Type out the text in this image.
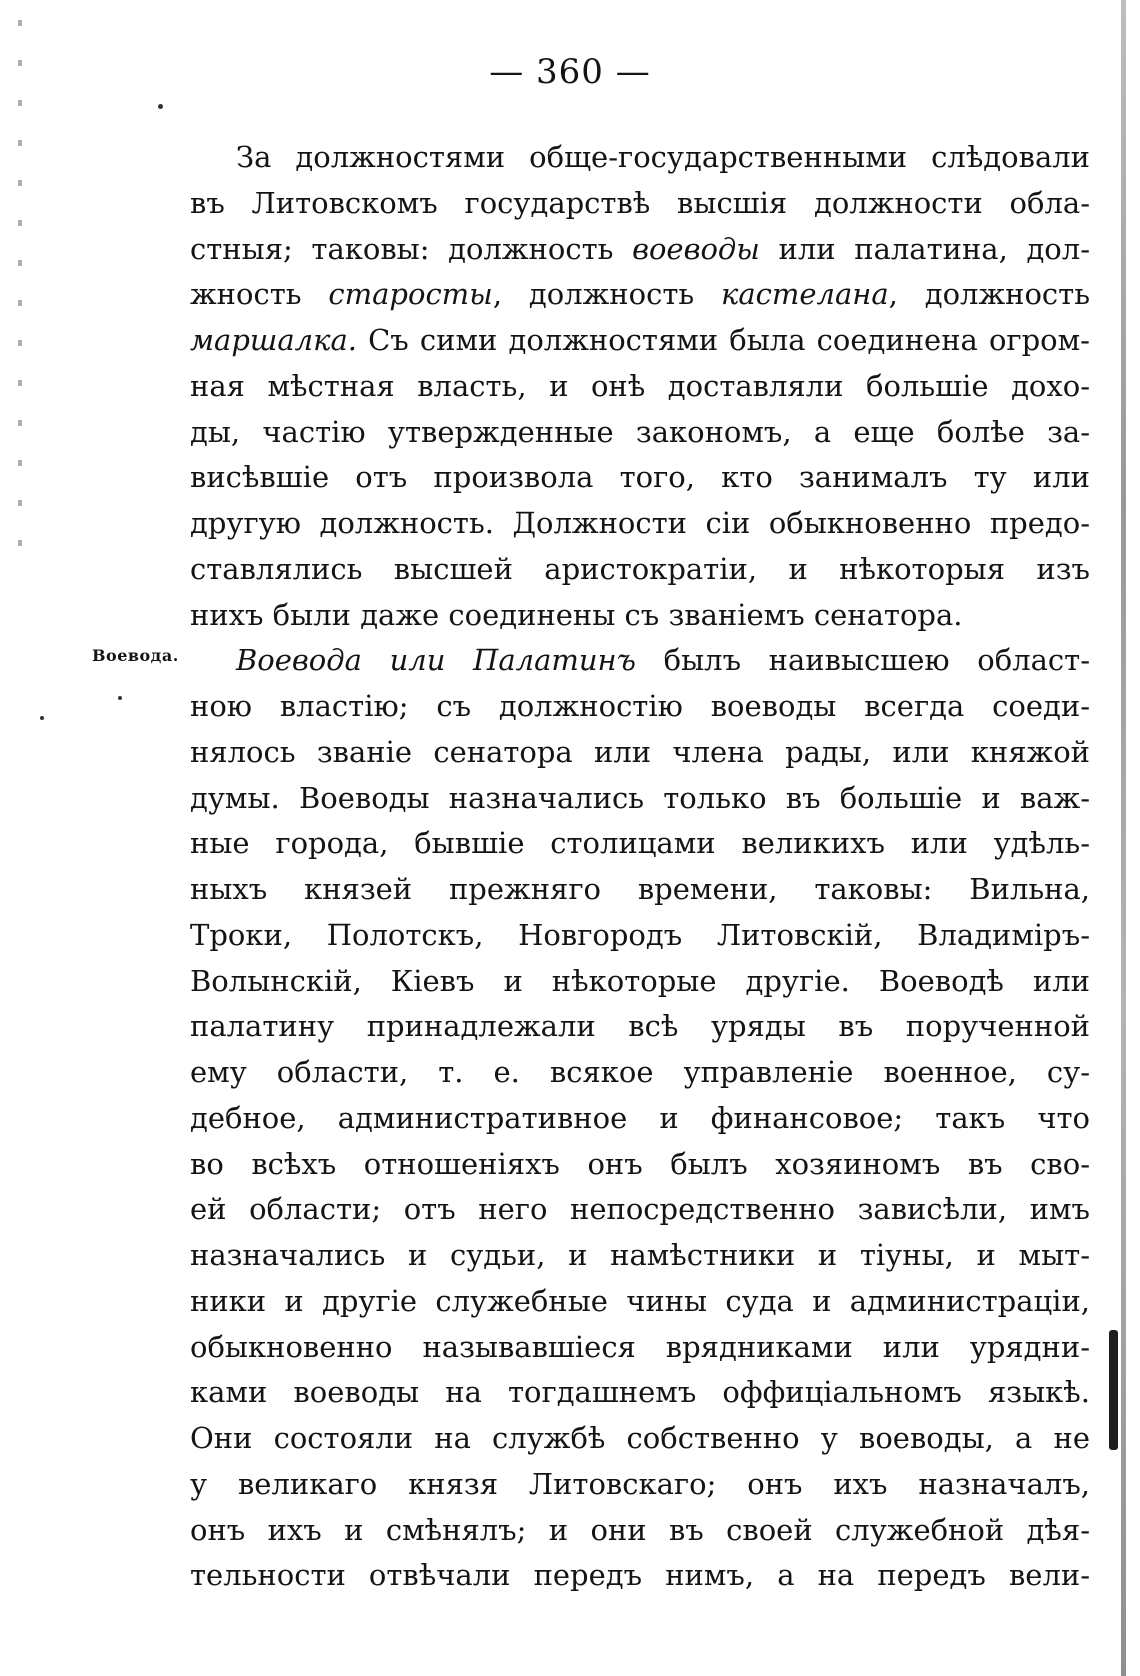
— 360 —
Воевода.
За должностями обще-государственными слѣдовали
въ Литовскомъ государствѣ высшія должности обла-
стныя; таковы: должность воеводы или палатина, дол-
жность старосты, должность кастелана, должность
маршалка. Съ сими должностями была соединена огром-
ная мѣстная власть, и онѣ доставляли большіе дохо-
ды, частію утвержденные закономъ, а еще болѣе за-
висѣвшіе отъ произвола того, кто занималъ ту или
другую должность. Должности сіи обыкновенно предо-
ставлялись высшей аристократіи, и нѣкоторыя изъ
нихъ были даже соединены съ званіемъ сенатора.
Воевода или Палатинъ былъ наивысшею област-
ною властію; съ должностію воеводы всегда соеди-
нялось званіе сенатора или члена рады, или княжой
думы. Воеводы назначались только въ большіе и важ-
ные города, бывшіе столицами великихъ или удѣль-
ныхъ князей прежняго времени, таковы: Вильна,
Троки, Полотскъ, Новгородъ Литовскій, Владиміръ-
Волынскій, Кіевъ и нѣкоторые другіе. Воеводѣ или
палатину принадлежали всѣ уряды въ порученной
ему области, т. е. всякое управленіе военное, су-
дебное, административное и финансовое; такъ что
во всѣхъ отношеніяхъ онъ былъ хозяиномъ въ сво-
ей области; отъ него непосредственно зависѣли, имъ
назначались и судьи, и намѣстники и тіуны, и мыт-
ники и другіе служебные чины суда и администраціи,
обыкновенно называвшіеся врядниками или урядни-
ками воеводы на тогдашнемъ оффиціальномъ языкѣ.
Они состояли на службѣ собственно у воеводы, а не
у великаго князя Литовскаго; онъ ихъ назначалъ,
онъ ихъ и смѣнялъ; и они въ своей служебной дѣя-
тельности отвѣчали передъ нимъ, а на передъ вели-
